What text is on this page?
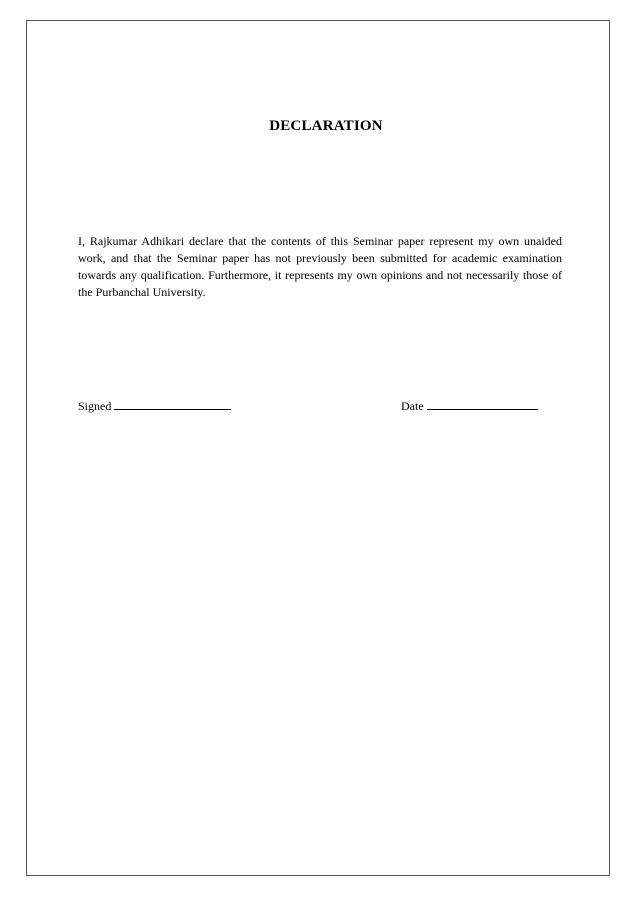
DECLARATION

I, Rajkumar Adhikari declare that the contents of this Seminar paper represent my own unaided work, and that the Seminar paper has not previously been submitted for academic examination towards any qualification. Furthermore, it represents my own opinions and not necessarily those of the Purbanchal University.

Signed	Date
